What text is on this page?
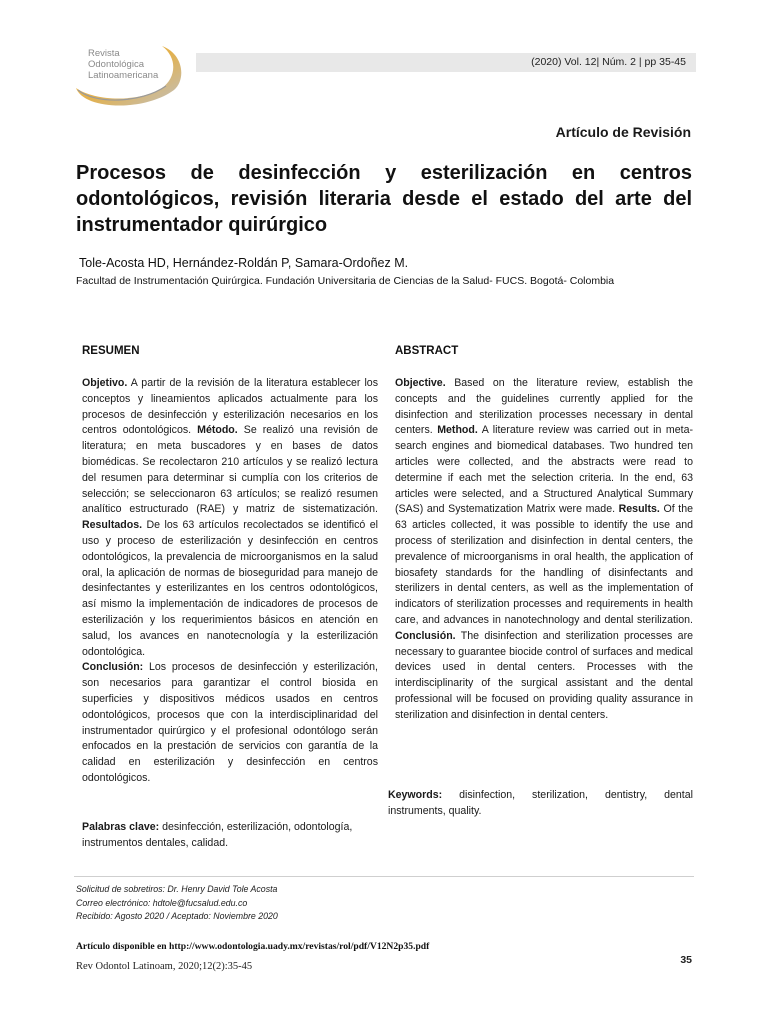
Revista
Odontológica
Latinoamericana
(2020) Vol. 12| Núm. 2 | pp 35-45
Artículo de Revisión
Procesos de desinfección y esterilización en centros odontológicos, revisión literaria desde el estado del arte del instrumentador quirúrgico
Tole-Acosta HD, Hernández-Roldán P, Samara-Ordoñez M.
Facultad de Instrumentación Quirúrgica. Fundación Universitaria de Ciencias de la Salud- FUCS. Bogotá- Colombia
RESUMEN	ABSTRACT

Objetivo. A partir de la revisión de la literatura establecer los conceptos y lineamientos aplicados actualmente para los procesos de desinfección y esterilización necesarios en los centros odontológicos. Método. Se realizó una revisión de literatura; en meta buscadores y en bases de datos biomédicas. Se recolectaron 210 artículos y se realizó lectura del resumen para determinar si cumplía con los criterios de selección; se seleccionaron 63 artículos; se realizó resumen analítico estructurado (RAE) y matriz de sistematización. Resultados. De los 63 artículos recolectados se identificó el uso y proceso de esterilización y desinfección en centros odontológicos, la prevalencia de microorganismos en la salud oral, la aplicación de normas de bioseguridad para manejo de desinfectantes y esterilizantes en los centros odontológicos, así mismo la implementación de indicadores de procesos de esterilización y los requerimientos básicos en atención en salud, los avances en nanotecnología y la esterilización odontológica.

Conclusión: Los procesos de desinfección y esterilización, son necesarios para garantizar el control biosida en superficies y dispositivos médicos usados en centros odontológicos, procesos que con la interdisciplinaridad del instrumentador quirúrgico y el profesional odontólogo serán enfocados en la prestación de servicios con garantía de la calidad en esterilización y desinfección en centros odontológicos.

Palabras clave: desinfección, esterilización, odontología, instrumentos dentales, calidad.

Objective. Based on the literature review, establish the concepts and the guidelines currently applied for the disinfection and sterilization processes necessary in dental centers. Method. A literature review was carried out in meta-search engines and biomedical databases. Two hundred ten articles were collected, and the abstracts were read to determine if each met the selection criteria. In the end, 63 articles were selected, and a Structured Analytical Summary (SAS) and Systematization Matrix were made. Results. Of the 63 articles collected, it was possible to identify the use and process of sterilization and disinfection in dental centers, the prevalence of microorganisms in oral health, the application of biosafety standards for the handling of disinfectants and sterilizers in dental centers, as well as the implementation of indicators of sterilization processes and requirements in health care, and advances in nanotechnology and dental sterilization. Conclusión. The disinfection and sterilization processes are necessary to guarantee biocide control of surfaces and medical devices used in dental centers. Processes with the interdisciplinarity of the surgical assistant and the dental professional will be focused on providing quality assurance in sterilization and disinfection in dental centers.

Keywords: disinfection, sterilization, dentistry, dental instruments, quality.
Solicitud de sobretiros: Dr. Henry David Tole Acosta
Correo electrónico: hdtole@fucsalud.edu.co
Recibido: Agosto 2020 / Aceptado: Noviembre 2020
Artículo disponible en http://www.odontologia.uady.mx/revistas/rol/pdf/V12N2p35.pdf
Rev Odontol Latinoam, 2020;12(2):35-45
35
